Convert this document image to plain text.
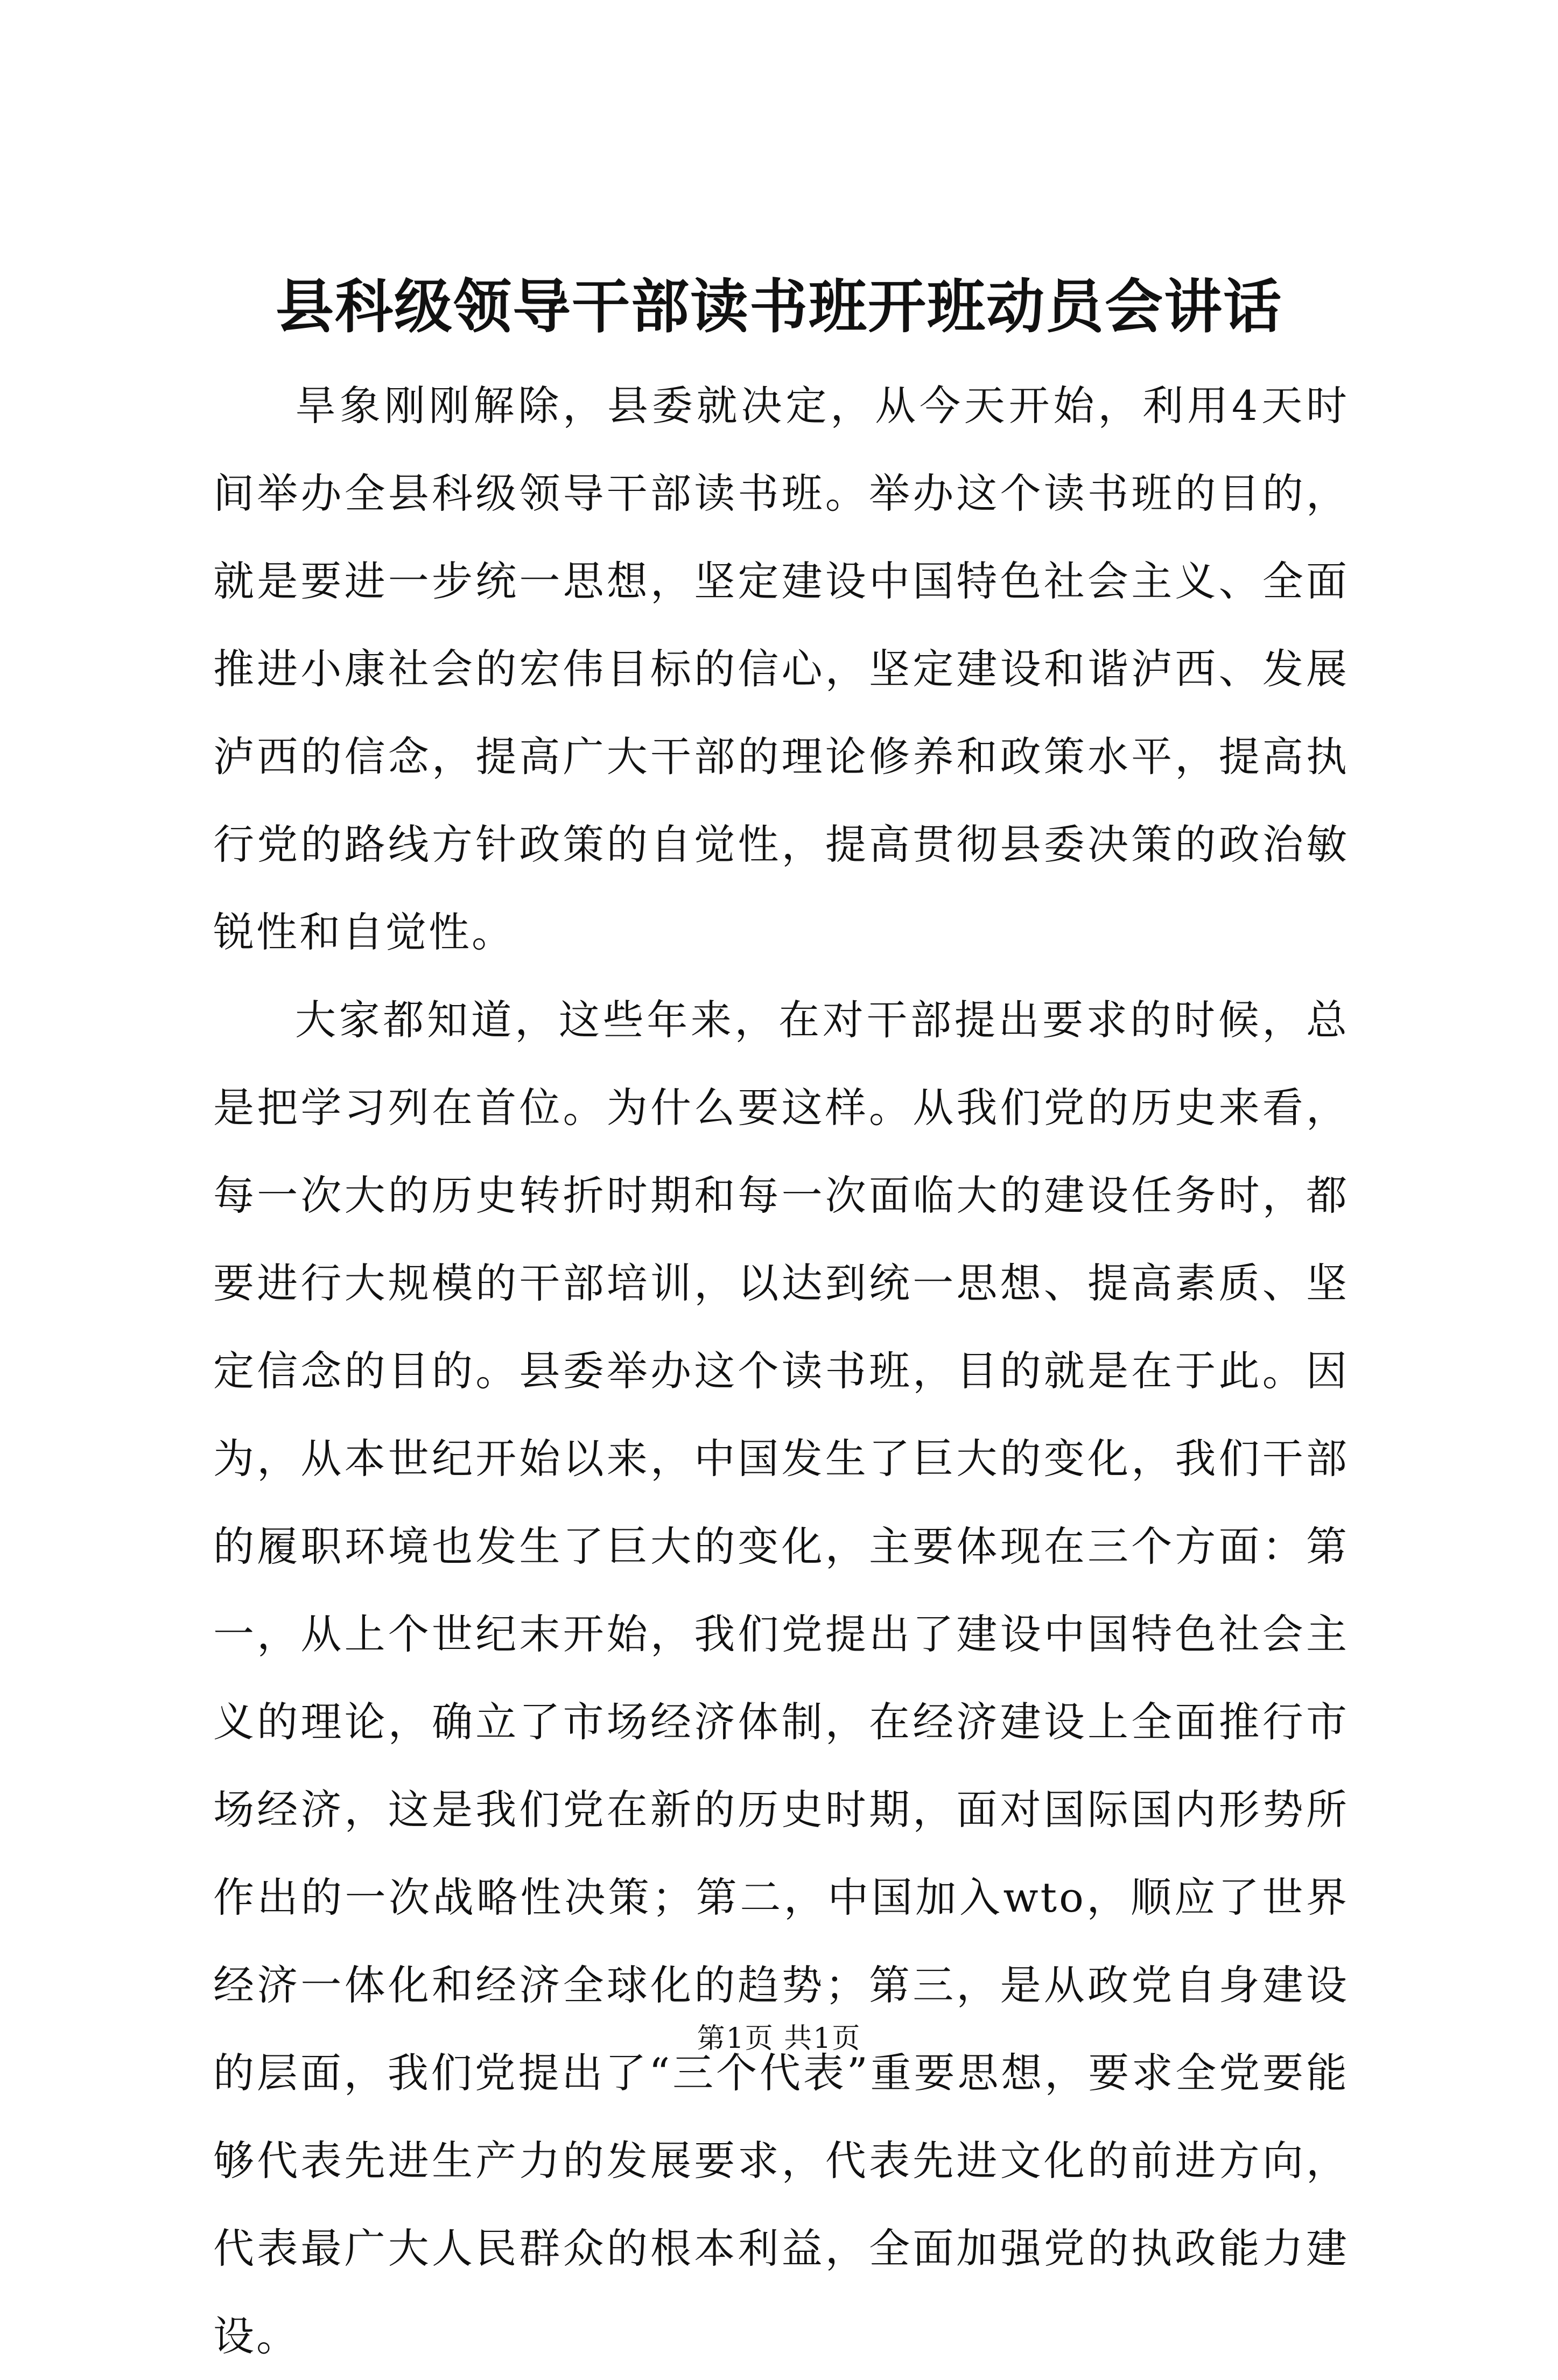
县科级领导干部读书班开班动员会讲话

旱象刚刚解除，县委就决定，从今天开始，利用4天时间举办全县科级领导干部读书班。举办这个读书班的目的，就是要进一步统一思想，坚定建设中国特色社会主义、全面推进小康社会的宏伟目标的信心，坚定建设和谐泸西、发展泸西的信念，提高广大干部的理论修养和政策水平，提高执行党的路线方针政策的自觉性，提高贯彻县委决策的政治敏锐性和自觉性。

大家都知道，这些年来，在对干部提出要求的时候，总是把学习列在首位。为什么要这样。从我们党的历史来看，每一次大的历史转折时期和每一次面临大的建设任务时，都要进行大规模的干部培训，以达到统一思想、提高素质、坚定信念的目的。县委举办这个读书班，目的就是在于此。因为，从本世纪开始以来，中国发生了巨大的变化，我们干部的履职环境也发生了巨大的变化，主要体现在三个方面：第一，从上个世纪末开始，我们党提出了建设中国特色社会主义的理论，确立了市场经济体制，在经济建设上全面推行市场经济，这是我们党在新的历史时期，面对国际国内形势所作出的一次战略性决策；第二，中国加入wto，顺应了世界经济一体化和经济全球化的趋势；第三，是从政党自身建设的层面，我们党提出了“三个代表”重要思想，要求全党要能够代表先进生产力的发展要求，代表先进文化的前进方向，代表最广大人民群众的根本利益，全面加强党的执政能力建设。

第1页 共1页
